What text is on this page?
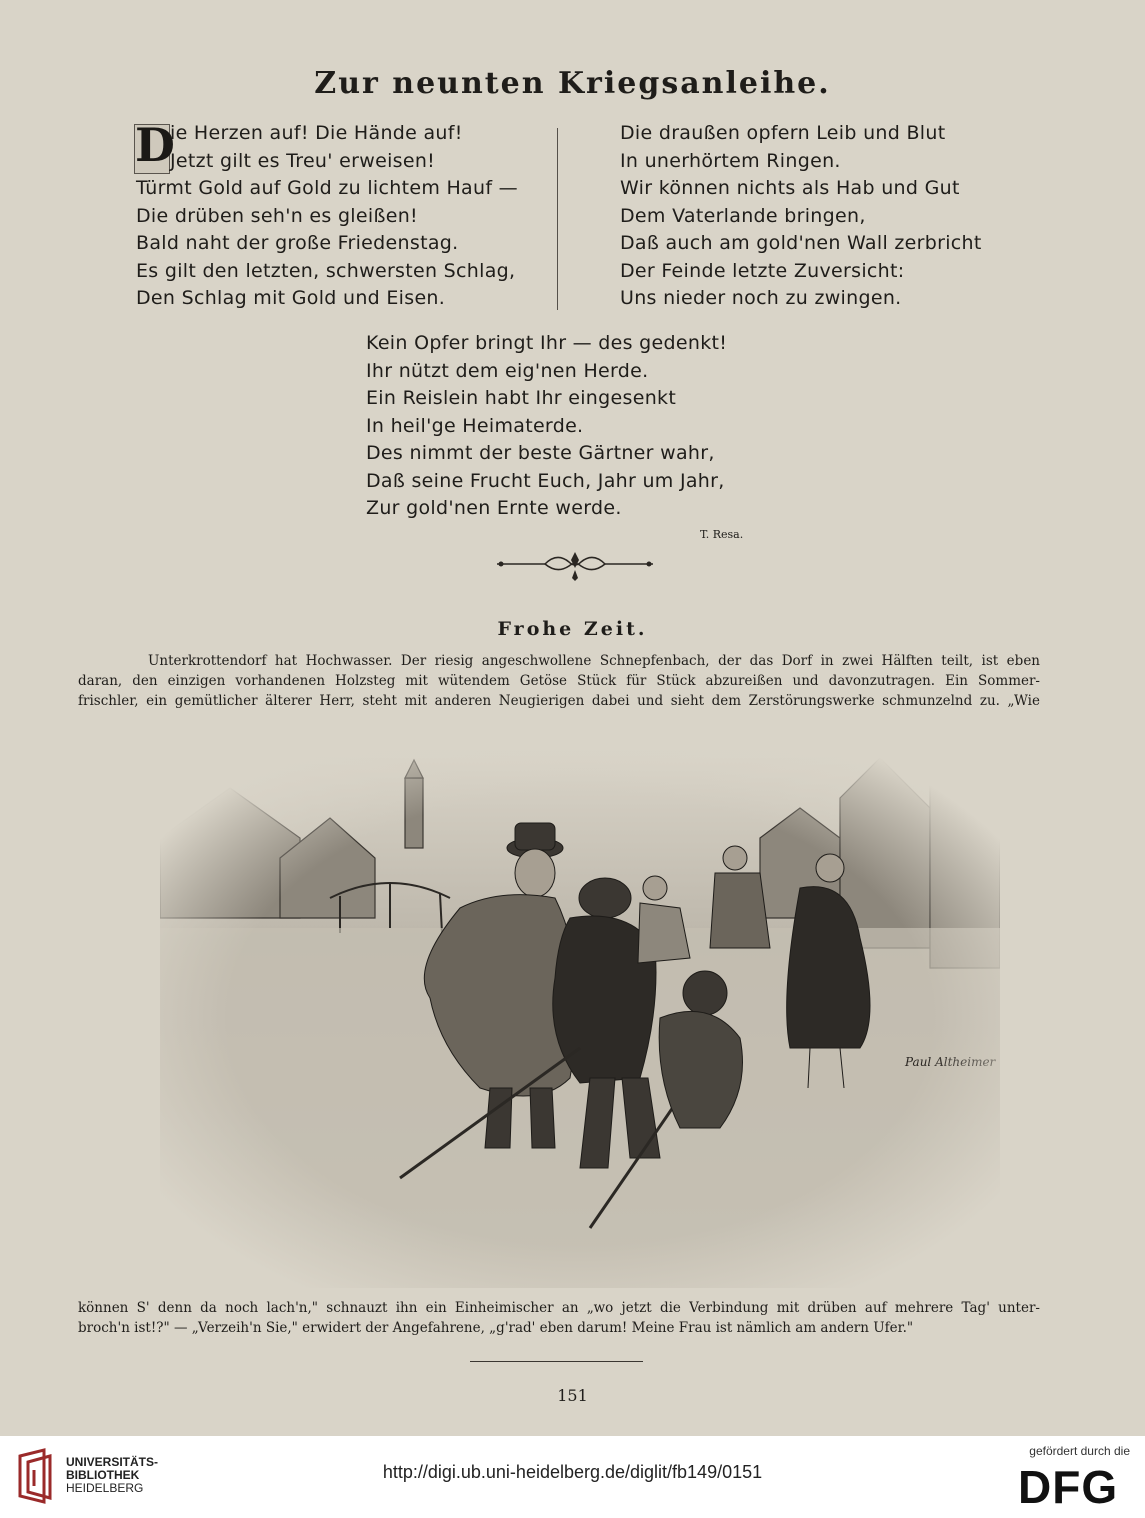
Zur neunten Kriegsanleihe.
D
ie Herzen auf! Die Hände auf!
Jetzt gilt es Treu' erweisen!
Türmt Gold auf Gold zu lichtem Hauf —
Die drüben seh'n es gleißen!
Bald naht der große Friedenstag.
Es gilt den letzten, schwersten Schlag,
Den Schlag mit Gold und Eisen.
Die draußen opfern Leib und Blut
In unerhörtem Ringen.
Wir können nichts als Hab und Gut
Dem Vaterlande bringen,
Daß auch am gold'nen Wall zerbricht
Der Feinde letzte Zuversicht:
Uns nieder noch zu zwingen.
Kein Opfer bringt Ihr — des gedenkt!
Ihr nützt dem eig'nen Herde.
Ein Reislein habt Ihr eingesenkt
In heil'ge Heimaterde.
Des nimmt der beste Gärtner wahr,
Daß seine Frucht Euch, Jahr um Jahr,
Zur gold'nen Ernte werde.
T. Resa.
Frohe Zeit.
Unterkrottendorf hat Hochwasser. Der riesig angeschwollene Schnepfenbach, der das Dorf in zwei Hälften teilt, ist eben
daran, den einzigen vorhandenen Holzsteg mit wütendem Getöse Stück für Stück abzureißen und davonzutragen. Ein Sommer-
frischler, ein gemütlicher älterer Herr, steht mit anderen Neugierigen dabei und sieht dem Zerstörungswerke schmunzelnd zu. „Wie
können S' denn da noch lach'n," schnauzt ihn ein Einheimischer an „wo jetzt die Verbindung mit drüben auf mehrere Tag' unter-
broch'n ist!?" — „Verzeih'n Sie," erwidert der Angefahrene, „g'rad' eben darum! Meine Frau ist nämlich am andern Ufer."
151
UNIVERSITÄTS-
BIBLIOTHEK
HEIDELBERG
http://digi.ub.uni-heidelberg.de/diglit/fb149/0151
gefördert durch die
DFG
